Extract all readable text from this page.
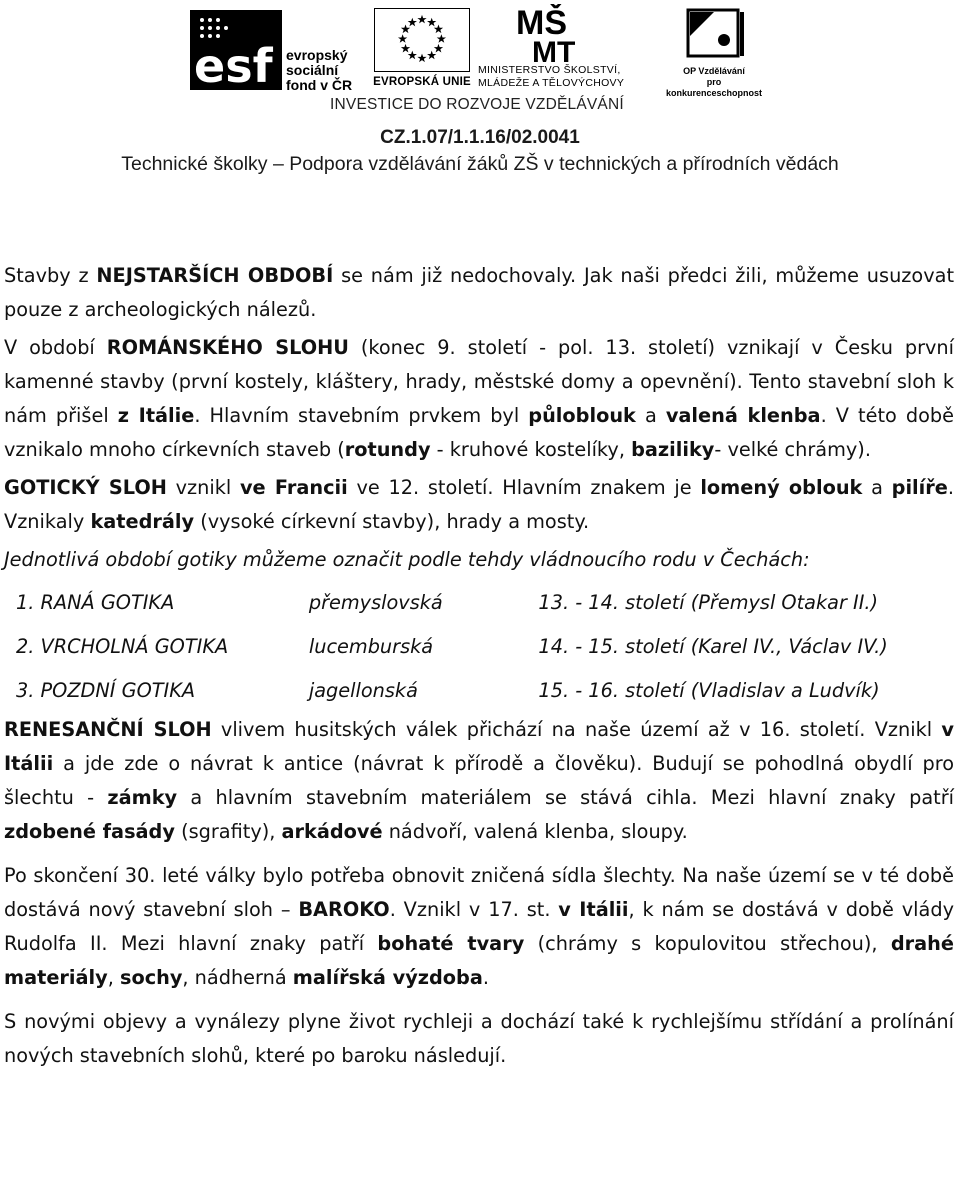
esf evropský
sociální
fond v ČR	EVROPSKÁ UNIE
MŠ
MT
MINISTERSTVO ŠKOLSTVÍ,
MLÁDEŽE A TĚLOVÝCHOVY
OP Vzdělávání
pro konkurenceschopnost
INVESTICE DO ROZVOJE VZDĚLÁVÁNÍ
CZ.1.07/1.1.16/02.0041
Technické školky – Podpora vzdělávání žáků ZŠ v technických a přírodních vědách

Stavby z NEJSTARŠÍCH OBDOBÍ se nám již nedochovaly. Jak naši předci žili, můžeme usuzovat pouze z archeologických nálezů.

V období ROMÁNSKÉHO SLOHU (konec 9. století - pol. 13. století) vznikají v Česku první kamenné stavby (první kostely, kláštery, hrady, městské domy a opevnění). Tento stavební sloh k nám přišel z Itálie. Hlavním stavebním prvkem byl půloblouk a valená klenba. V této době vznikalo mnoho církevních staveb (rotundy - kruhové kostelíky, baziliky- velké chrámy).

GOTICKÝ SLOH vznikl ve Francii ve 12. století. Hlavním znakem je lomený oblouk a pilíře. Vznikaly katedrály (vysoké církevní stavby), hrady a mosty.

Jednotlivá období gotiky můžeme označit podle tehdy vládnoucího rodu v Čechách:

1. RANÁ GOTIKA	přemyslovská	13. - 14. století (Přemysl Otakar II.)
2. VRCHOLNÁ GOTIKA	lucemburská	14. - 15. století (Karel IV., Václav IV.)
3. POZDNÍ GOTIKA	jagellonská	15. - 16. století (Vladislav a Ludvík)

RENESANČNÍ SLOH vlivem husitských válek přichází na naše území až v 16. století. Vznikl v Itálii a jde zde o návrat k antice (návrat k přírodě a člověku). Budují se pohodlná obydlí pro šlechtu - zámky a hlavním stavebním materiálem se stává cihla. Mezi hlavní znaky patří zdobené fasády (sgrafity), arkádové nádvoří, valená klenba, sloupy.

Po skončení 30. leté války bylo potřeba obnovit zničená sídla šlechty. Na naše území se v té době dostává nový stavební sloh – BAROKO. Vznikl v 17. st. v Itálii, k nám se dostává v době vlády Rudolfa II. Mezi hlavní znaky patří bohaté tvary (chrámy s kopulovitou střechou), drahé materiály, sochy, nádherná malířská výzdoba.

S novými objevy a vynálezy plyne život rychleji a dochází také k rychlejšímu střídání a prolínání nových stavebních slohů, které po baroku následují.
